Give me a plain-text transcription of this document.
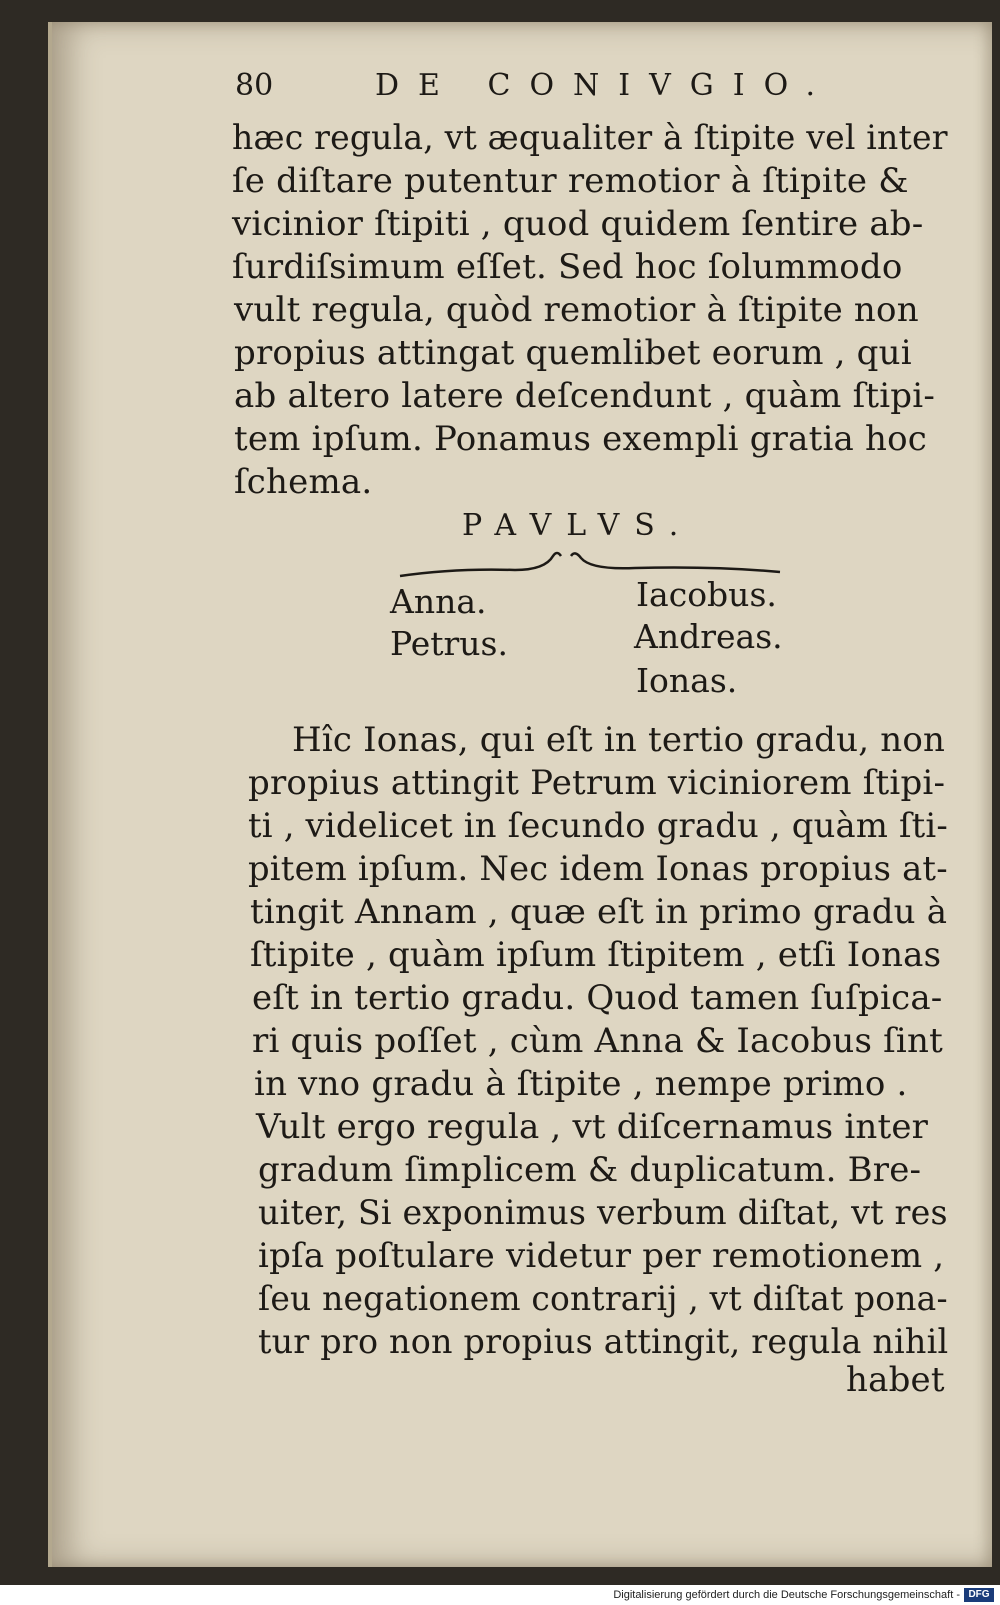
80	DE CONIVGIO.
hæc regula, vt æqualiter à ſtipite vel inter
ſe diſtare putentur remotior à ſtipite &
vicinior ſtipiti , quod quidem ſentire ab-
ſurdiſsimum eſſet. Sed hoc ſolummodo
vult regula, quòd remotior à ſtipite non
propius attingat quemlibet eorum , qui
ab altero latere deſcendunt , quàm ſtipi-
tem ipſum. Ponamus exempli gratia hoc
ſchema.
PAVLVS.
Anna.
Petrus.
Iacobus.
Andreas.
Ionas.
Hîc Ionas, qui eſt in tertio gradu, non
propius attingit Petrum viciniorem ſtipi-
ti , videlicet in ſecundo gradu , quàm ſti-
pitem ipſum. Nec idem Ionas propius at-
tingit Annam , quæ eſt in primo gradu à
ſtipite , quàm ipſum ſtipitem , etſi Ionas
eſt in tertio gradu. Quod tamen ſuſpica-
ri quis poſſet , cùm Anna & Iacobus ſint
in vno gradu à ſtipite , nempe primo .
Vult ergo regula , vt diſcernamus inter
gradum ſimplicem & duplicatum. Bre-
uiter, Si exponimus verbum diſtat, vt res
ipſa poſtulare videtur per remotionem ,
ſeu negationem contrarij , vt diſtat pona-
tur pro non propius attingit, regula nihil
habet
Digitalisierung gefördert durch die Deutsche Forschungsgemeinschaft - DFG
